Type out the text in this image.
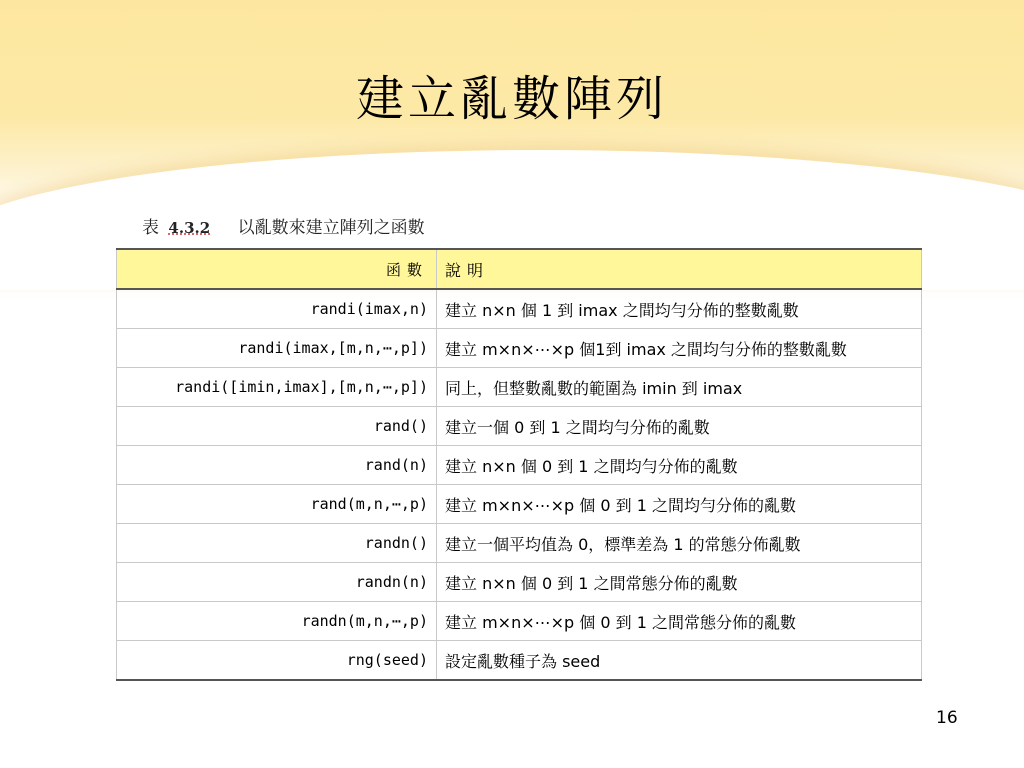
建立亂數陣列
表 4.3.2 以亂數來建立陣列之函數
函數	說明
randi(imax,n)	建立 n×n 個 1 到 imax 之間均勻分佈的整數亂數
randi(imax,[m,n,⋯,p])	建立 m×n×⋯×p 個1到 imax 之間均勻分佈的整數亂數
randi([imin,imax],[m,n,⋯,p])	同上，但整數亂數的範圍為 imin 到 imax
rand()	建立一個 0 到 1 之間均勻分佈的亂數
rand(n)	建立 n×n 個 0 到 1 之間均勻分佈的亂數
rand(m,n,⋯,p)	建立 m×n×⋯×p 個 0 到 1 之間均勻分佈的亂數
randn()	建立一個平均值為 0，標準差為 1 的常態分佈亂數
randn(n)	建立 n×n 個 0 到 1 之間常態分佈的亂數
randn(m,n,⋯,p)	建立 m×n×⋯×p 個 0 到 1 之間常態分佈的亂數
rng(seed)	設定亂數種子為 seed
16
